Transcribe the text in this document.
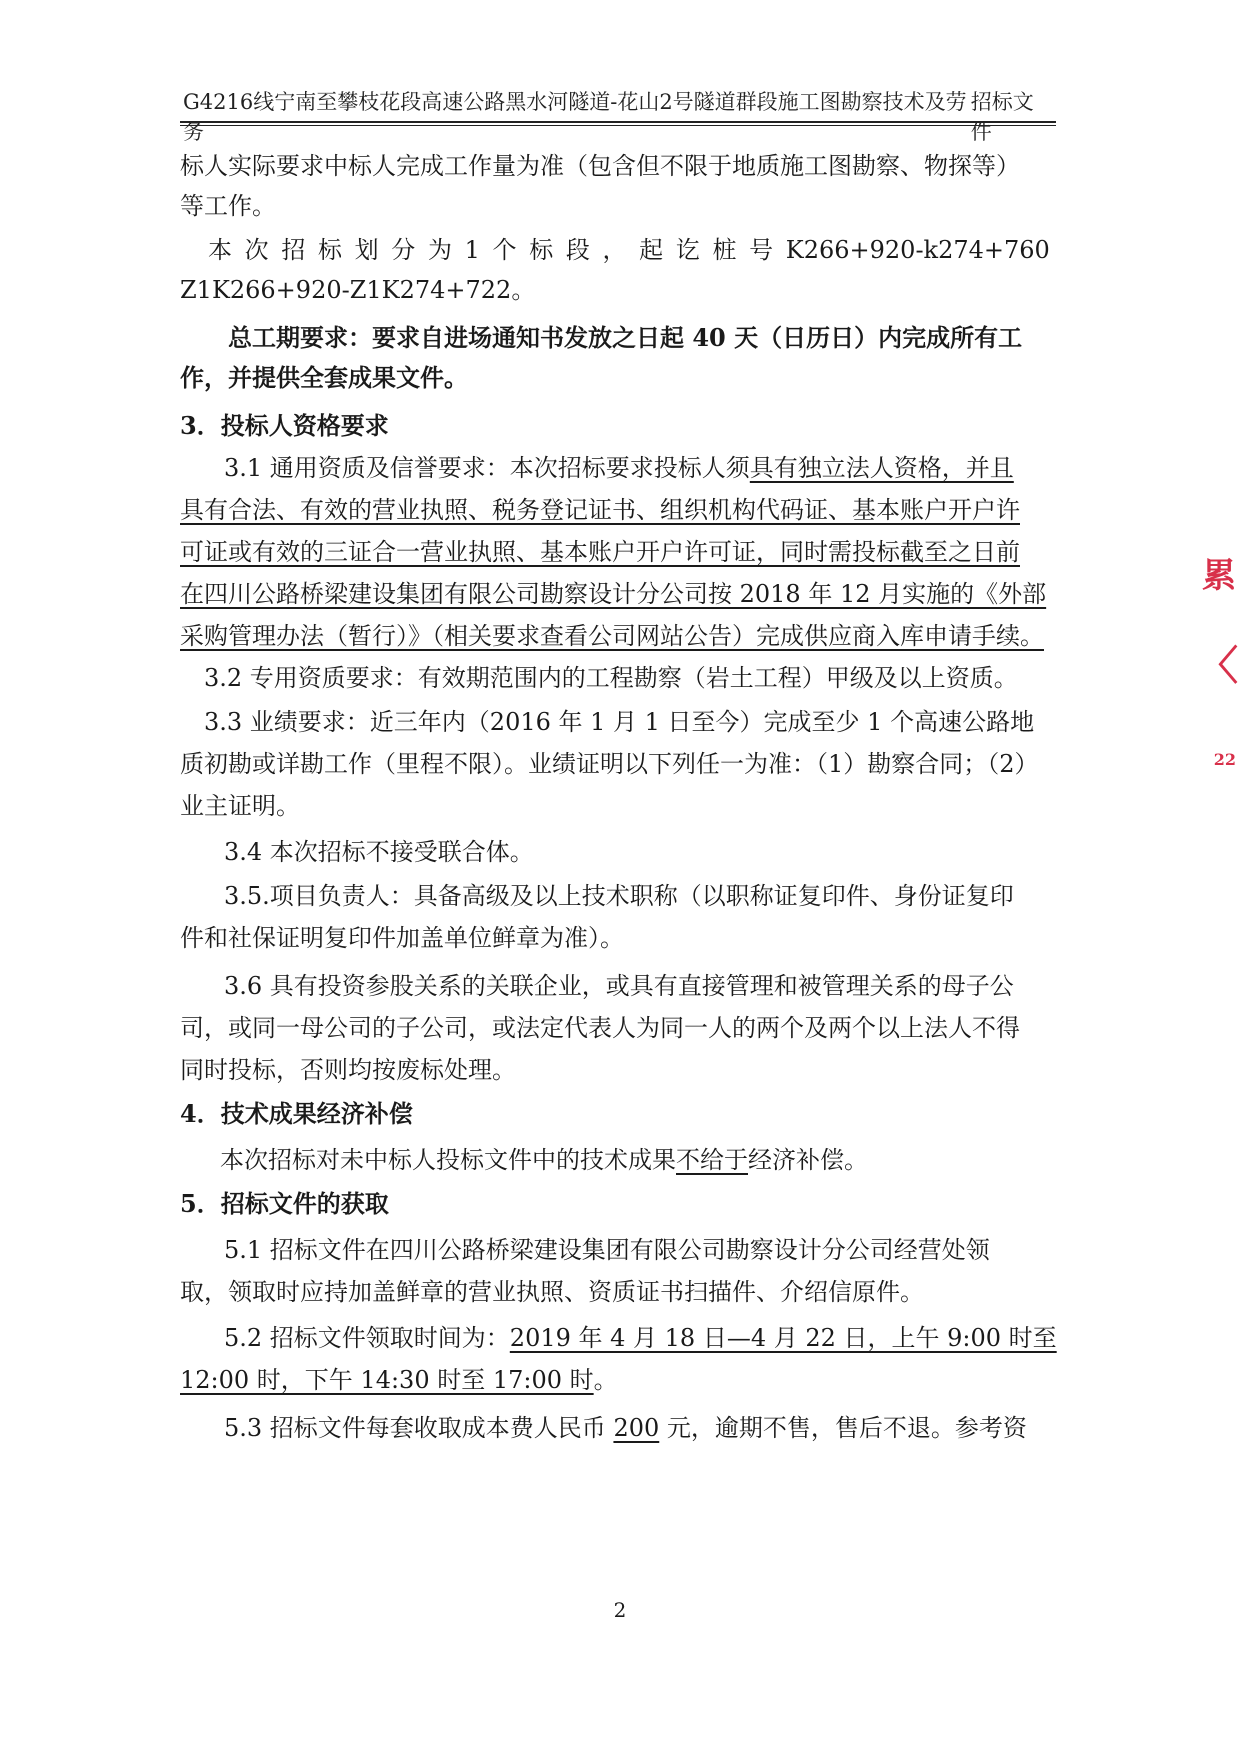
G4216线宁南至攀枝花段高速公路黑水河隧道-花山2号隧道群段施工图勘察技术及劳务
招标文件
标人实际要求中标人完成工作量为准（包含但不限于地质施工图勘察、物探等）
等工作。
本 次 招 标 划 分 为 1 个 标 段 ， 起 讫 桩 号 K266+920-k274+760
Z1K266+920-Z1K274+722。
总工期要求：要求自进场通知书发放之日起 40 天（日历日）内完成所有工
作，并提供全套成果文件。
3．投标人资格要求
3.1 通用资质及信誉要求：本次招标要求投标人须具有独立法人资格，并且
具有合法、有效的营业执照、税务登记证书、组织机构代码证、基本账户开户许
可证或有效的三证合一营业执照、基本账户开户许可证，同时需投标截至之日前
在四川公路桥梁建设集团有限公司勘察设计分公司按 2018 年 12 月实施的《外部
采购管理办法（暂行）》（相关要求查看公司网站公告）完成供应商入库申请手续。
3.2 专用资质要求：有效期范围内的工程勘察（岩土工程）甲级及以上资质。
3.3 业绩要求：近三年内（2016 年 1 月 1 日至今）完成至少 1 个高速公路地
质初勘或详勘工作（里程不限）。业绩证明以下列任一为准：（1）勘察合同；（2）
业主证明。
3.4 本次招标不接受联合体。
3.5.项目负责人：具备高级及以上技术职称（以职称证复印件、身份证复印
件和社保证明复印件加盖单位鲜章为准）。
3.6 具有投资参股关系的关联企业，或具有直接管理和被管理关系的母子公
司，或同一母公司的子公司，或法定代表人为同一人的两个及两个以上法人不得
同时投标，否则均按废标处理。
4．技术成果经济补偿
本次招标对未中标人投标文件中的技术成果不给于经济补偿。
5．招标文件的获取
5.1 招标文件在四川公路桥梁建设集团有限公司勘察设计分公司经营处领
取，领取时应持加盖鲜章的营业执照、资质证书扫描件、介绍信原件。
5.2 招标文件领取时间为：2019 年 4 月 18 日—4 月 22 日，上午 9:00 时至
12:00 时，下午 14:30 时至 17:00 时。
5.3 招标文件每套收取成本费人民币 200 元，逾期不售，售后不退。参考资
累
〈
22
2
